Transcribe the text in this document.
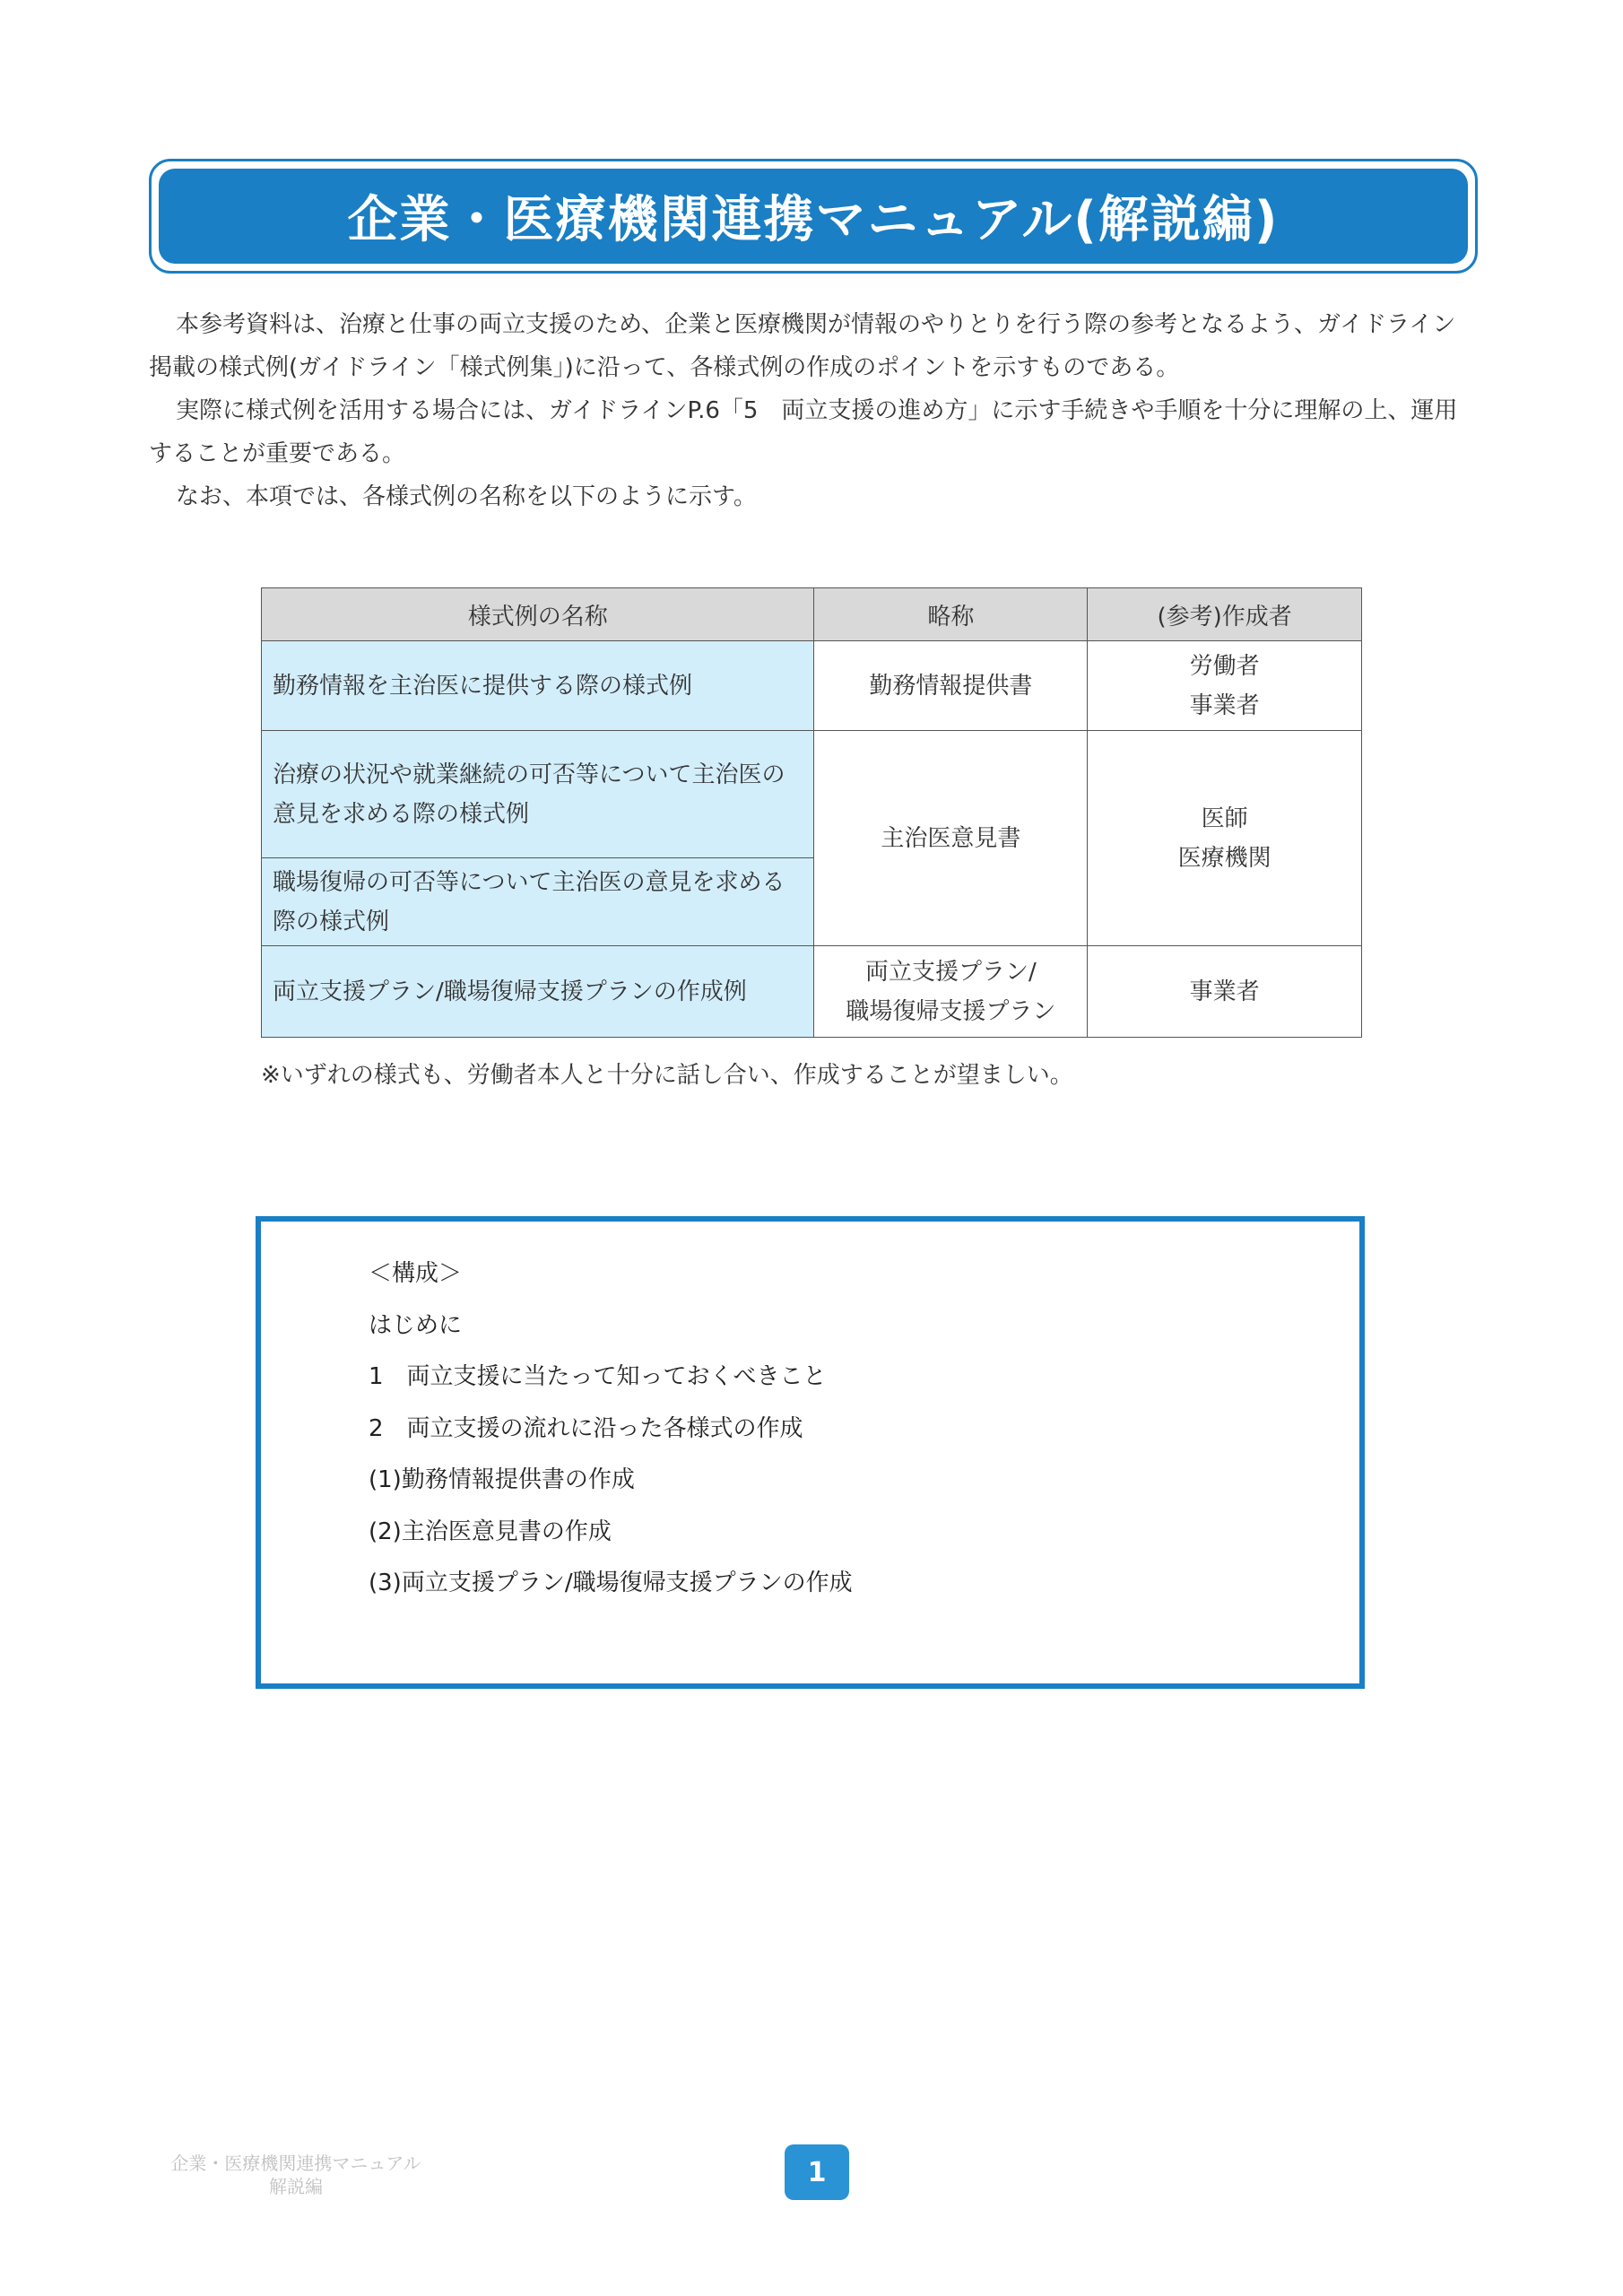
企業・医療機関連携マニュアル(解説編)

本参考資料は、治療と仕事の両立支援のため、企業と医療機関が情報のやりとりを行う際の参考となるよう、ガイドライン掲載の様式例(ガイドライン「様式例集」)に沿って、各様式例の作成のポイントを示すものである。

実際に様式例を活用する場合には、ガイドラインP.6「5　両立支援の進め方」に示す手続きや手順を十分に理解の上、運用することが重要である。

なお、本項では、各様式例の名称を以下のように示す。

様式例の名称	略称	(参考)作成者
勤務情報を主治医に提供する際の様式例	勤務情報提供書	労働者
事業者

治療の状況や就業継続の可否等について主治医の意見を求める際の様式例	主治医意見書	医師
医療機関

職場復帰の可否等について主治医の意見を求める際の様式例		
両立支援プラン/職場復帰支援プランの作成例	両立支援プラン/
職場復帰支援プラン	事業者
※いずれの様式も、労働者本人と十分に話し合い、作成することが望ましい。
＜構成＞
はじめに
1　両立支援に当たって知っておくべきこと
2　両立支援の流れに沿った各様式の作成
(1)勤務情報提供書の作成
(2)主治医意見書の作成
(3)両立支援プラン/職場復帰支援プランの作成
企業・医療機関連携マニュアル
解説編	1
